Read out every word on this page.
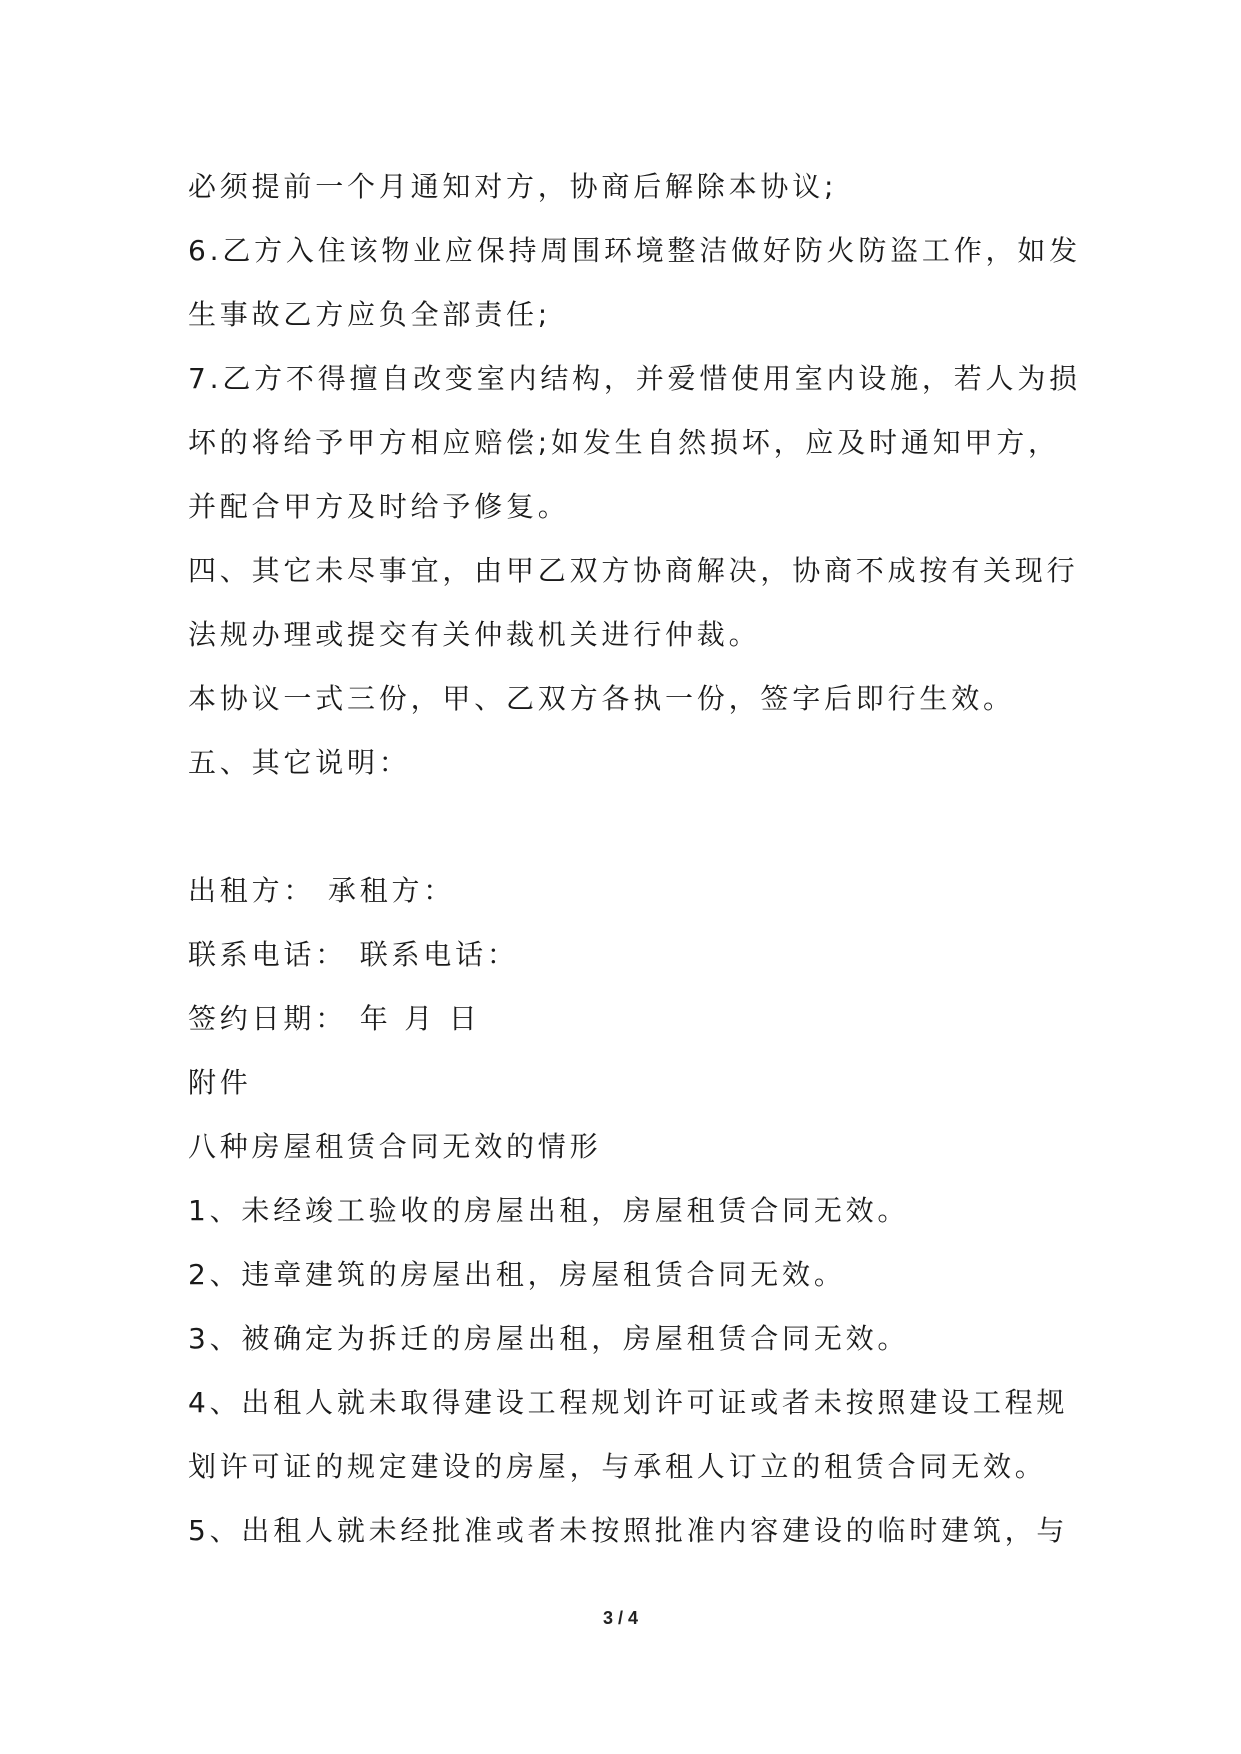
必须提前一个月通知对方，协商后解除本协议;
6.乙方入住该物业应保持周围环境整洁做好防火防盗工作，如发
生事故乙方应负全部责任;
7.乙方不得擅自改变室内结构，并爱惜使用室内设施，若人为损
坏的将给予甲方相应赔偿;如发生自然损坏，应及时通知甲方，
并配合甲方及时给予修复。
四、其它未尽事宜，由甲乙双方协商解决，协商不成按有关现行
法规办理或提交有关仲裁机关进行仲裁。
本协议一式三份，甲、乙双方各执一份，签字后即行生效。
五、其它说明：
出租方： 承租方：
联系电话： 联系电话：
签约日期： 年 月 日
附件
八种房屋租赁合同无效的情形
1、未经竣工验收的房屋出租，房屋租赁合同无效。
2、违章建筑的房屋出租，房屋租赁合同无效。
3、被确定为拆迁的房屋出租，房屋租赁合同无效。
4、出租人就未取得建设工程规划许可证或者未按照建设工程规
划许可证的规定建设的房屋，与承租人订立的租赁合同无效。
5、出租人就未经批准或者未按照批准内容建设的临时建筑，与
3 / 4
